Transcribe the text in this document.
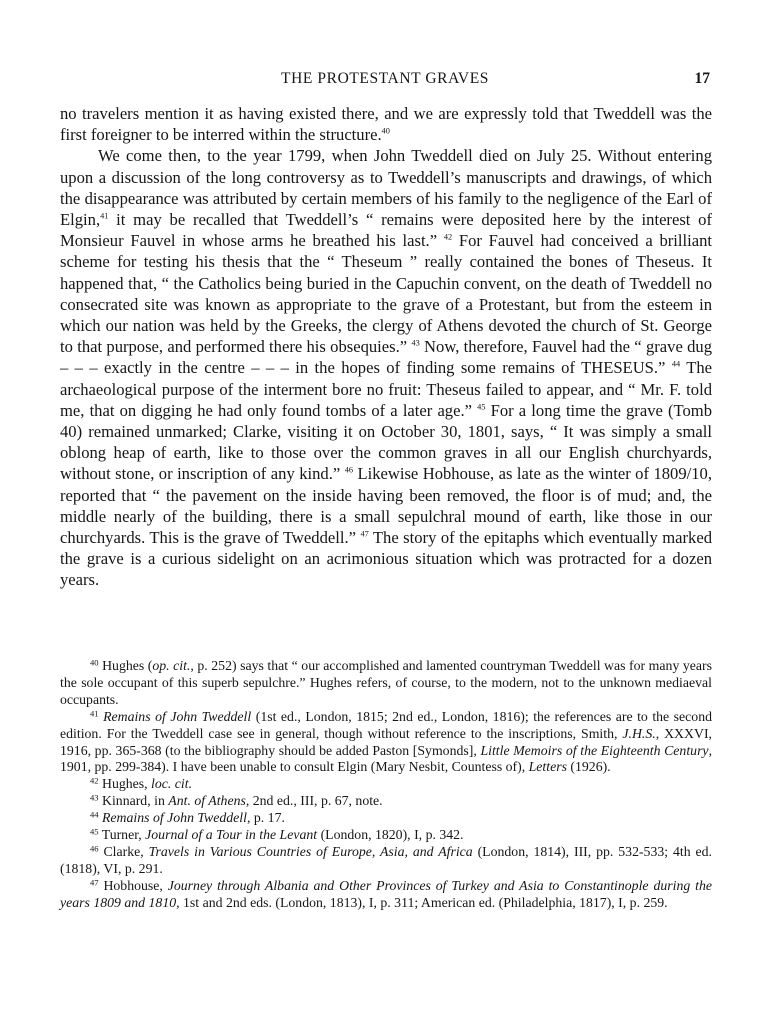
THE PROTESTANT GRAVES	17

no travelers mention it as having existed there, and we are expressly told that Tweddell was the first foreigner to be interred within the structure.$^{40}$

We come then, to the year 1799, when John Tweddell died on July 25. Without entering upon a discussion of the long controversy as to Tweddell’s manuscripts and drawings, of which the disappearance was attributed by certain members of his family to the negligence of the Earl of Elgin,$^{41}$ it may be recalled that Tweddell’s “ remains were deposited here by the interest of Monsieur Fauvel in whose arms he breathed his last.” $^{42}$ For Fauvel had conceived a brilliant scheme for testing his thesis that the “ Theseum ” really contained the bones of Theseus. It happened that, “ the Catholics being buried in the Capuchin convent, on the death of Tweddell no consecrated site was known as appropriate to the grave of a Protestant, but from the esteem in which our nation was held by the Greeks, the clergy of Athens devoted the church of St. George to that purpose, and performed there his obsequies.” $^{43}$ Now, therefore, Fauvel had the “ grave dug – – – exactly in the centre – – – in the hopes of finding some remains of THESEUS.” $^{44}$ The archaeological purpose of the interment bore no fruit: Theseus failed to appear, and “ Mr. F. told me, that on digging he had only found tombs of a later age.” $^{45}$ For a long time the grave (Tomb 40) remained unmarked; Clarke, visiting it on October 30, 1801, says, “ It was simply a small oblong heap of earth, like to those over the common graves in all our English churchyards, without stone, or inscription of any kind.” $^{46}$ Likewise Hobhouse, as late as the winter of 1809/10, reported that “ the pavement on the inside having been removed, the floor is of mud; and, the middle nearly of the building, there is a small sepulchral mound of earth, like those in our churchyards. This is the grave of Tweddell.” $^{47}$ The story of the epitaphs which eventually marked the grave is a curious sidelight on an acrimonious situation which was protracted for a dozen years.

$^{40}$ Hughes (op. cit., p. 252) says that “ our accomplished and lamented countryman Tweddell was for many years the sole occupant of this superb sepulchre.” Hughes refers, of course, to the modern, not to the unknown mediaeval occupants.

$^{41}$ Remains of John Tweddell (1st ed., London, 1815; 2nd ed., London, 1816); the references are to the second edition. For the Tweddell case see in general, though without reference to the inscriptions, Smith, J.H.S., XXXVI, 1916, pp. 365-368 (to the bibliography should be added Paston [Symonds], Little Memoirs of the Eighteenth Century, 1901, pp. 299-384). I have been unable to consult Elgin (Mary Nesbit, Countess of), Letters (1926).

$^{42}$ Hughes, loc. cit.

$^{43}$ Kinnard, in Ant. of Athens, 2nd ed., III, p. 67, note.

$^{44}$ Remains of John Tweddell, p. 17.

$^{45}$ Turner, Journal of a Tour in the Levant (London, 1820), I, p. 342.

$^{46}$ Clarke, Travels in Various Countries of Europe, Asia, and Africa (London, 1814), III, pp. 532-533; 4th ed. (1818), VI, p. 291.

$^{47}$ Hobhouse, Journey through Albania and Other Provinces of Turkey and Asia to Constantinople during the years 1809 and 1810, 1st and 2nd eds. (London, 1813), I, p. 311; American ed. (Philadelphia, 1817), I, p. 259.
